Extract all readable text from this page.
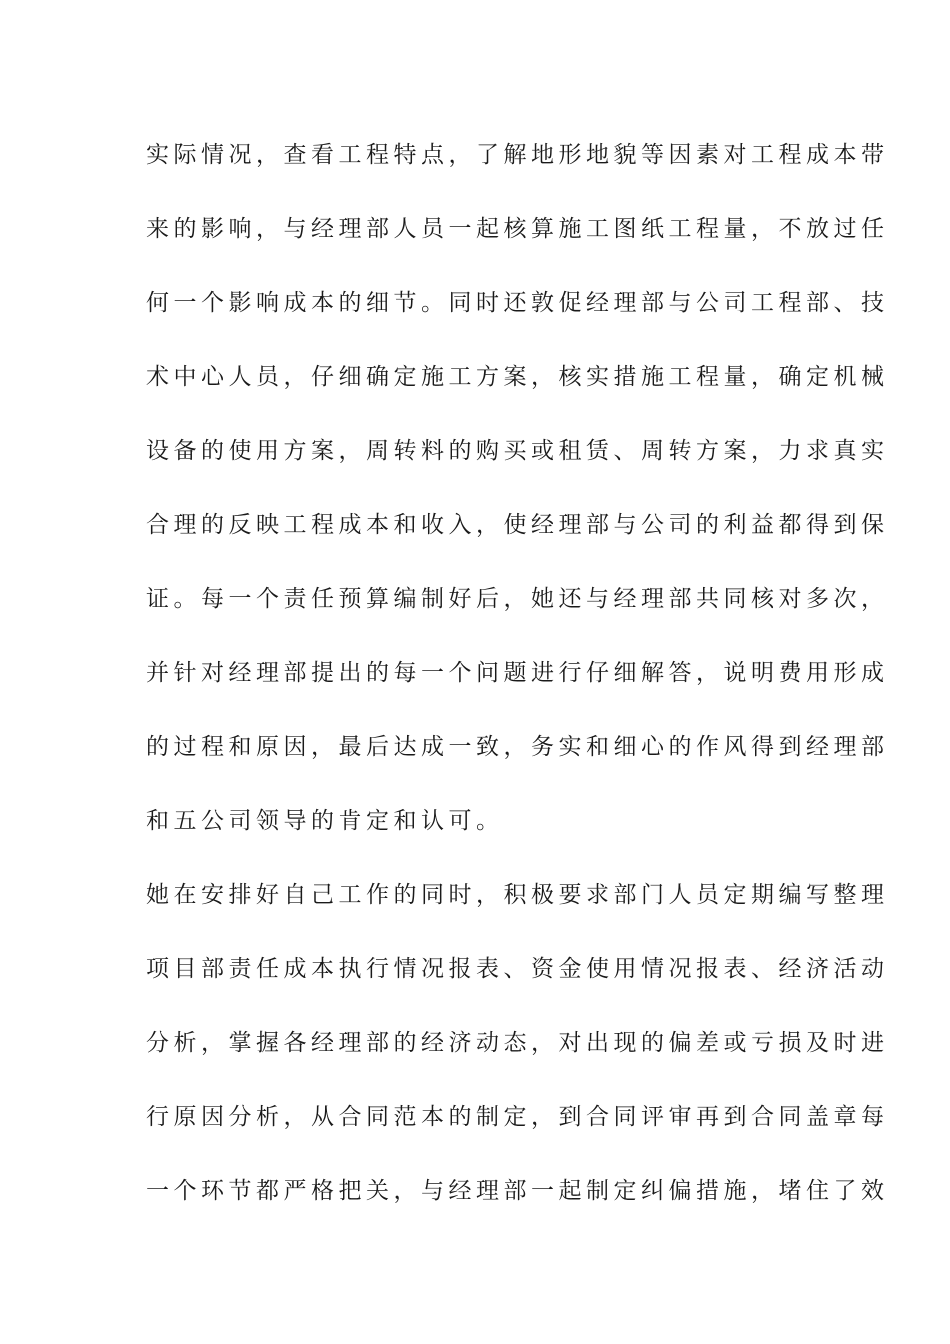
实际情况，查看工程特点，了解地形地貌等因素对工程成本带
来的影响，与经理部人员一起核算施工图纸工程量，不放过任
何一个影响成本的细节。同时还敦促经理部与公司工程部、技
术中心人员，仔细确定施工方案，核实措施工程量，确定机械
设备的使用方案，周转料的购买或租赁、周转方案，力求真实
合理的反映工程成本和收入，使经理部与公司的利益都得到保
证。每一个责任预算编制好后，她还与经理部共同核对多次，
并针对经理部提出的每一个问题进行仔细解答，说明费用形成
的过程和原因，最后达成一致，务实和细心的作风得到经理部
和五公司领导的肯定和认可。
她在安排好自己工作的同时，积极要求部门人员定期编写整理
项目部责任成本执行情况报表、资金使用情况报表、经济活动
分析，掌握各经理部的经济动态，对出现的偏差或亏损及时进
行原因分析，从合同范本的制定，到合同评审再到合同盖章每
一个环节都严格把关，与经理部一起制定纠偏措施，堵住了效
